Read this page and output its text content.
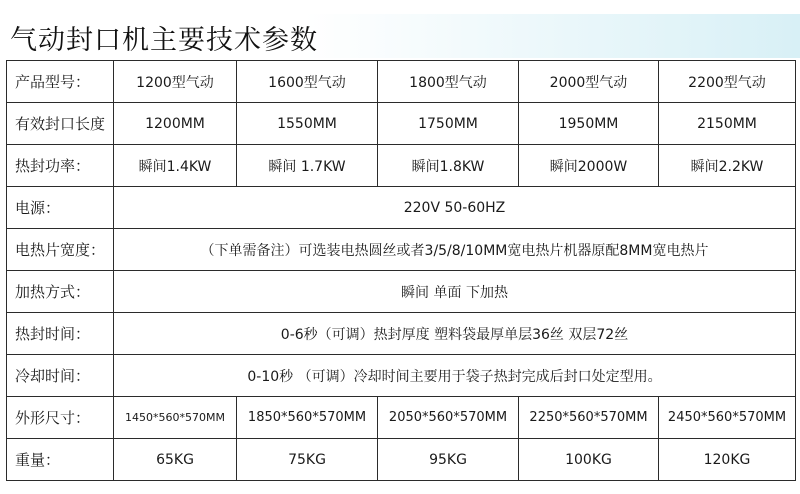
气动封口机主要技术参数
产品型号：	1200型气动	1600型气动	1800型气动	2000型气动	2200型气动
有效封口长度	1200MM	1550MM	1750MM	1950MM	2150MM
热封功率：	瞬间1.4KW	瞬间 1.7KW	瞬间1.8KW	瞬间2000W	瞬间2.2KW
电源：	220V 50-60HZ				
电热片宽度：	（下单需备注）可选装电热圆丝或者3/5/8/10MM宽电热片机器原配8MM宽电热片				
加热方式：	瞬间 单面 下加热				
热封时间：	0-6秒（可调）热封厚度 塑料袋最厚单层36丝 双层72丝				
冷却时间：	0-10秒 （可调）冷却时间主要用于袋子热封完成后封口处定型用。				
外形尺寸：	1450*560*570MM	1850*560*570MM	2050*560*570MM	2250*560*570MM	2450*560*570MM
重量：	65KG	75KG	95KG	100KG	120KG
